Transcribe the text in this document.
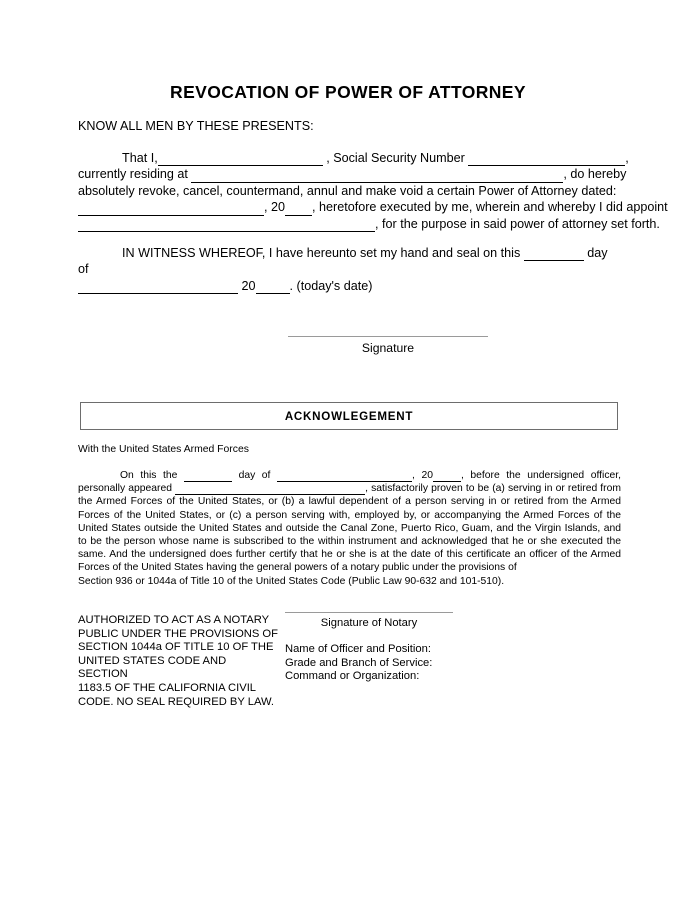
REVOCATION OF POWER OF ATTORNEY
KNOW ALL MEN BY THESE PRESENTS:
That I,	, Social Security Number	,
currently residing at	, do hereby
absolutely revoke, cancel, countermand, annul and make void a certain Power of Attorney dated:
, 20 , heretofore executed by me, wherein and whereby I did appoint
, for the purpose in said power of attorney set forth.
IN WITNESS WHEREOF, I have hereunto set my hand and seal on this	day of
20	. (today's date)
Signature
ACKNOWLEGEMENT
With the United States Armed Forces

On this the	day of	, 20	, before the undersigned officer, personally appeared	, satisfactorily proven to be (a) serving in or retired from the Armed Forces of the United States, or (b) a lawful dependent of a person serving in or retired from the Armed Forces of the United States, or (c) a person serving with, employed by, or accompanying the Armed Forces of the United States outside the United States and outside the Canal Zone, Puerto Rico, Guam, and the Virgin Islands, and to be the person whose name is subscribed to the within instrument and acknowledged that he or she executed the same. And the undersigned does further certify that he or she is at the date of this certificate an officer of the Armed Forces of the United States having the general powers of a notary public under the provisions of

Section 936 or 1044a of Title 10 of the United States Code (Public Law 90-632 and 101-510).

AUTHORIZED TO ACT AS A NOTARY
PUBLIC UNDER THE PROVISIONS OF
SECTION 1044a OF TITLE 10 OF THE
UNITED STATES CODE AND SECTION
1183.5 OF THE CALIFORNIA CIVIL
CODE. NO SEAL REQUIRED BY LAW.
Signature of Notary
Name of Officer and Position:
Grade and Branch of Service:
Command or Organization:
